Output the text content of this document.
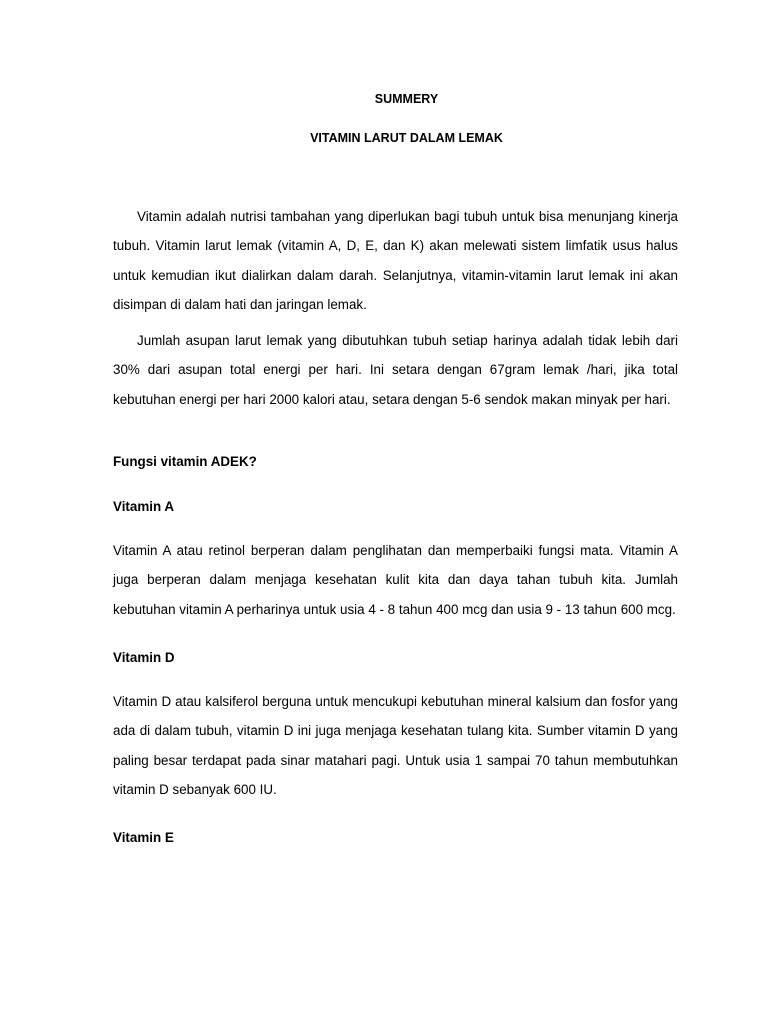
SUMMERY

VITAMIN LARUT DALAM LEMAK

Vitamin adalah nutrisi tambahan yang diperlukan bagi tubuh untuk bisa menunjang kinerja tubuh. Vitamin larut lemak (vitamin A, D, E, dan K) akan melewati sistem limfatik usus halus untuk kemudian ikut dialirkan dalam darah. Selanjutnya, vitamin-vitamin larut lemak ini akan disimpan di dalam hati dan jaringan lemak.

Jumlah asupan larut lemak yang dibutuhkan tubuh setiap harinya adalah tidak lebih dari 30% dari asupan total energi per hari. Ini setara dengan 67gram lemak /hari, jika total kebutuhan energi per hari 2000 kalori atau, setara dengan 5-6 sendok makan minyak per hari.

Fungsi vitamin ADEK?

Vitamin A

Vitamin A atau retinol berperan dalam penglihatan dan memperbaiki fungsi mata. Vitamin A juga berperan dalam menjaga kesehatan kulit kita dan daya tahan tubuh kita. Jumlah kebutuhan vitamin A perharinya untuk usia 4 - 8 tahun 400 mcg dan usia 9 - 13 tahun 600 mcg.

Vitamin D

Vitamin D atau kalsiferol berguna untuk mencukupi kebutuhan mineral kalsium dan fosfor yang ada di dalam tubuh, vitamin D ini juga menjaga kesehatan tulang kita. Sumber vitamin D yang paling besar terdapat pada sinar matahari pagi. Untuk usia 1 sampai 70 tahun membutuhkan vitamin D sebanyak 600 IU.

Vitamin E
